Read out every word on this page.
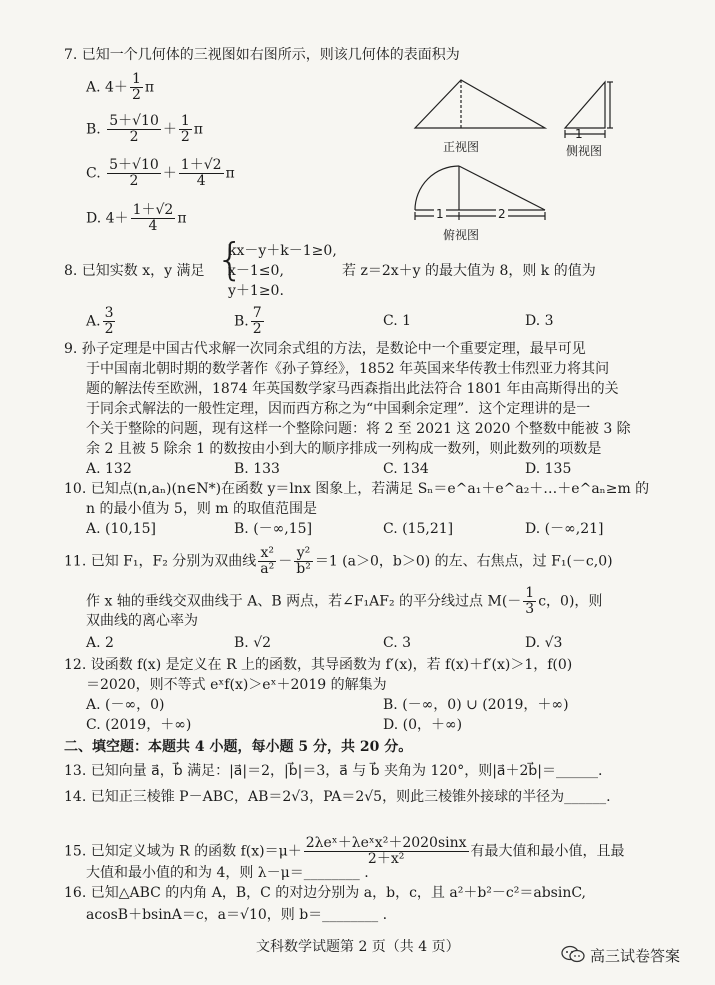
7. 已知一个几何体的三视图如右图所示，则该几何体的表面积为
A. $4+ \frac{1}{2}$ π
B. $\frac{5+√10}{2} + \frac{1}{2}$ π
C. $\frac{5+√10}{2} + \frac{1+√2}{4}$ π
D. $4+ \frac{1+√2}{4}$ π
1
正视图	侧视图
1	2
俯视图
8. 已知实数 x，y 满足 {
kx－y＋k－1≥0,
x－1≤0,
y＋1≥0.
若 z＝2x＋y 的最大值为 8，则 k 的值为
A. $\frac{3}{2}$	B. $\frac{7}{2}$	C. 1	D. 3
9. 孙子定理是中国古代求解一次同余式组的方法，是数论中一个重要定理，最早可见
于中国南北朝时期的数学著作《孙子算经》，1852 年英国来华传教士伟烈亚力将其问
题的解法传至欧洲，1874 年英国数学家马西森指出此法符合 1801 年由高斯得出的关
于同余式解法的一般性定理，因而西方称之为“中国剩余定理”．这个定理讲的是一
个关于整除的问题，现有这样一个整除问题：将 2 至 2021 这 2020 个整数中能被 3 除
余 2 且被 5 除余 1 的数按由小到大的顺序排成一列构成一数列，则此数列的项数是
A. 132	B. 133	C. 134	D. 135
10. 已知点(n,aₙ)(n∈N*)在函数 y＝lnx 图象上，若满足 Sₙ＝e^a₁＋e^a₂＋…＋e^aₙ≥m 的
n 的最小值为 5，则 m 的取值范围是
A. (10,15]	B. (－∞,15]	C. (15,21]	D. (－∞,21]
11. 已知 F₁，F₂ 分别为双曲线 $\frac{\text{x²}}{\text{a²}} - \frac{\text{y²}}{\text{b²}} =1$ (a＞0，b＞0) 的左、右焦点，过 F₁(－c,0)
作 x 轴的垂线交双曲线于 A、B 两点，若∠F₁AF₂ 的平分线过点 $M(- \frac{1}{3}$ c，0)，则
双曲线的离心率为
A. 2	B. √2	C. 3	D. √3
12. 设函数 f(x) 是定义在 R 上的函数，其导函数为 f′(x)，若 f(x)＋f′(x)＞1，f(0)
＝2020，则不等式 eˣf(x)＞eˣ＋2019 的解集为
A. (－∞，0)	B. (－∞，0) ∪ (2019，＋∞)
C. (2019，＋∞)	D. (0，＋∞)
二、填空题：本题共 4 小题，每小题 5 分，共 20 分。
13. 已知向量 a⃗，b⃗ 满足：|a⃗|＝2，|b⃗|＝3，a⃗ 与 b⃗ 夹角为 120°，则|a⃗＋2b⃗|＝______.
14. 已知正三棱锥 P－ABC，AB＝2√3，PA＝2√5，则此三棱锥外接球的半径为______.
15. 已知定义域为 R 的函数 $f(x)=\mu+ \frac{\text{2λeˣ＋λeˣx²＋2020sinx}}{\text{2＋x²}}$ 有最大值和最小值，且最
大值和最小值的和为 4，则 λ－μ＝________ .
16. 已知△ABC 的内角 A，B，C 的对边分别为 a，b，c，且 a²＋b²－c²＝absinC,
acosB＋bsinA＝c，a＝√10，则 b＝________ .
文科数学试题第 2 页（共 4 页）	高三试卷答案
